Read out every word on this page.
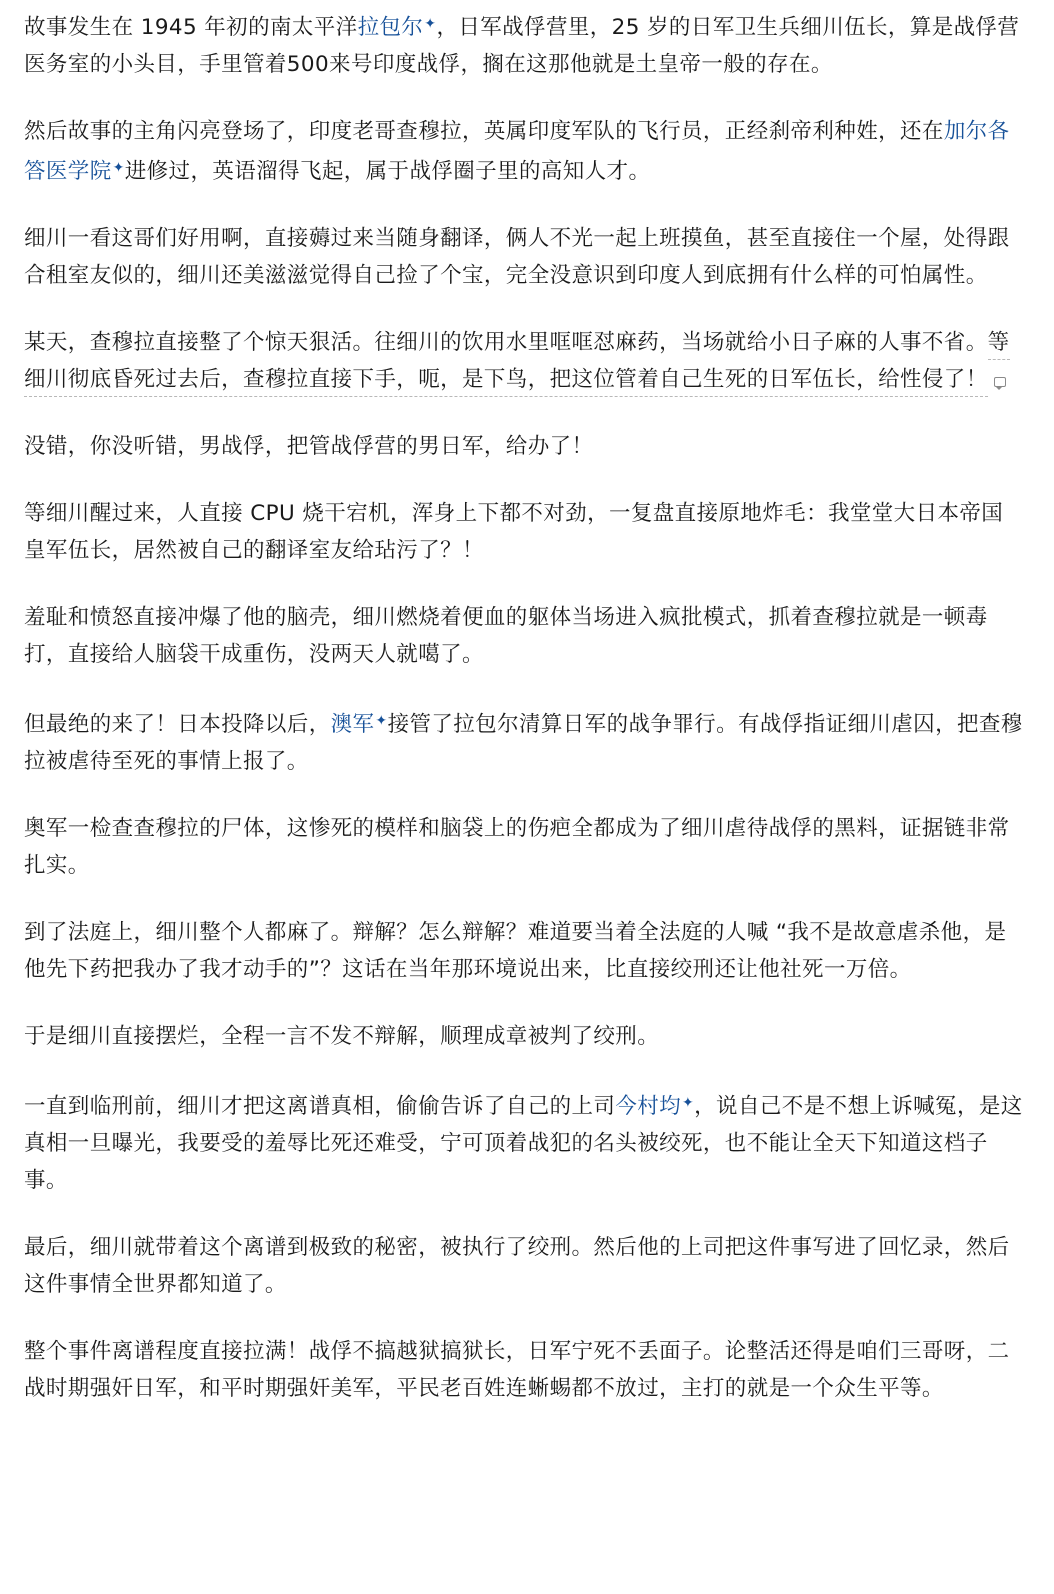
故事发生在 1945 年初的南太平洋拉包尔✦，日军战俘营里，25 岁的日军卫生兵细川伍长，算是战俘营医务室的小头目，手里管着500来号印度战俘，搁在这那他就是土皇帝一般的存在。

然后故事的主角闪亮登场了，印度老哥查穆拉，英属印度军队的飞行员，正经刹帝利种姓，还在加尔各答医学院✦进修过，英语溜得飞起，属于战俘圈子里的高知人才。

细川一看这哥们好用啊，直接薅过来当随身翻译，俩人不光一起上班摸鱼，甚至直接住一个屋，处得跟合租室友似的，细川还美滋滋觉得自己捡了个宝，完全没意识到印度人到底拥有什么样的可怕属性。

某天，查穆拉直接整了个惊天狠活。往细川的饮用水里哐哐怼麻药，当场就给小日子麻的人事不省。等细川彻底昏死过去后，查穆拉直接下手，呃，是下鸟，把这位管着自己生死的日军伍长，给性侵了！

没错，你没听错，男战俘，把管战俘营的男日军，给办了！

等细川醒过来，人直接 CPU 烧干宕机，浑身上下都不对劲，一复盘直接原地炸毛：我堂堂大日本帝国皇军伍长，居然被自己的翻译室友给玷污了？！

羞耻和愤怒直接冲爆了他的脑壳，细川燃烧着便血的躯体当场进入疯批模式，抓着查穆拉就是一顿毒打，直接给人脑袋干成重伤，没两天人就噶了。

但最绝的来了！日本投降以后，澳军✦接管了拉包尔清算日军的战争罪行。有战俘指证细川虐囚，把查穆拉被虐待至死的事情上报了。

奥军一检查查穆拉的尸体，这惨死的模样和脑袋上的伤疤全都成为了细川虐待战俘的黑料，证据链非常扎实。

到了法庭上，细川整个人都麻了。辩解？怎么辩解？难道要当着全法庭的人喊 “我不是故意虐杀他，是他先下药把我办了我才动手的”？这话在当年那环境说出来，比直接绞刑还让他社死一万倍。

于是细川直接摆烂，全程一言不发不辩解，顺理成章被判了绞刑。

一直到临刑前，细川才把这离谱真相，偷偷告诉了自己的上司今村均✦，说自己不是不想上诉喊冤，是这真相一旦曝光，我要受的羞辱比死还难受，宁可顶着战犯的名头被绞死，也不能让全天下知道这档子事。

最后，细川就带着这个离谱到极致的秘密，被执行了绞刑。然后他的上司把这件事写进了回忆录，然后这件事情全世界都知道了。

整个事件离谱程度直接拉满！战俘不搞越狱搞狱长，日军宁死不丢面子。论整活还得是咱们三哥呀，二战时期强奸日军，和平时期强奸美军，平民老百姓连蜥蜴都不放过，主打的就是一个众生平等。
